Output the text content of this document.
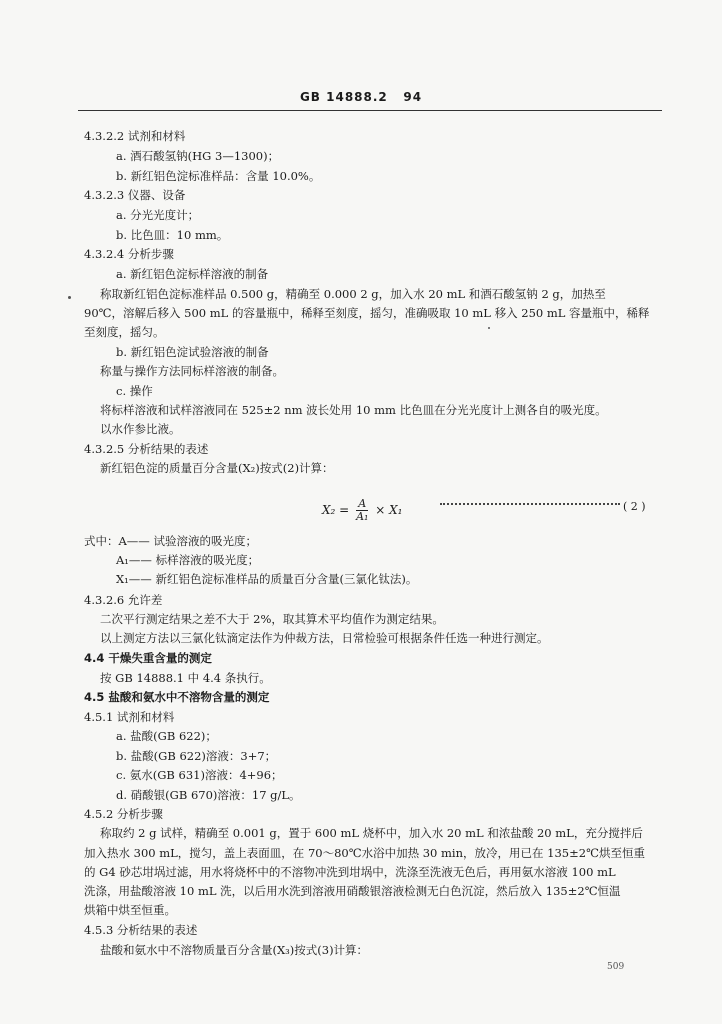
GB 14888.2 94
4.3.2.2 试剂和材料
a. 酒石酸氢钠(HG 3—1300)；
b. 新红铝色淀标准样品：含量 10.0%。
4.3.2.3 仪器、设备
a. 分光光度计；
b. 比色皿：10 mm。
4.3.2.4 分析步骤
a. 新红铝色淀标样溶液的制备
称取新红铝色淀标准样品 0.500 g，精确至 0.000 2 g，加入水 20 mL 和酒石酸氢钠 2 g，加热至
90℃，溶解后移入 500 mL 的容量瓶中，稀释至刻度，摇匀，准确吸取 10 mL 移入 250 mL 容量瓶中，稀释
至刻度，摇匀。
b. 新红铝色淀试验溶液的制备
称量与操作方法同标样溶液的制备。
c. 操作
将标样溶液和试样溶液同在 525±2 nm 波长处用 10 mm 比色皿在分光光度计上测各自的吸光度。
以水作参比液。
4.3.2.5 分析结果的表述
新红铝色淀的质量百分含量(X₂)按式(2)计算：
$X_2 = \frac{A}{\text{A₁}} \times X_1$	( 2 )
式中：A—— 试验溶液的吸光度；
A₁—— 标样溶液的吸光度；
X₁—— 新红铝色淀标准样品的质量百分含量(三氯化钛法)。
4.3.2.6 允许差
二次平行测定结果之差不大于 2%，取其算术平均值作为测定结果。
以上测定方法以三氯化钛滴定法作为仲裁方法，日常检验可根据条件任选一种进行测定。
4.4 干燥失重含量的测定
按 GB 14888.1 中 4.4 条执行。
4.5 盐酸和氨水中不溶物含量的测定
4.5.1 试剂和材料
a. 盐酸(GB 622)；
b. 盐酸(GB 622)溶液：3+7；
c. 氨水(GB 631)溶液：4+96；
d. 硝酸银(GB 670)溶液：17 g/L。
4.5.2 分析步骤
称取约 2 g 试样，精确至 0.001 g，置于 600 mL 烧杯中，加入水 20 mL 和浓盐酸 20 mL，充分搅拌后
加入热水 300 mL，搅匀，盖上表面皿，在 70～80℃水浴中加热 30 min，放冷，用已在 135±2℃烘至恒重
的 G4 砂芯坩埚过滤，用水将烧杯中的不溶物冲洗到坩埚中，洗涤至洗液无色后，再用氨水溶液 100 mL
洗涤，用盐酸溶液 10 mL 洗，以后用水洗到溶液用硝酸银溶液检测无白色沉淀，然后放入 135±2℃恒温
烘箱中烘至恒重。
4.5.3 分析结果的表述
盐酸和氨水中不溶物质量百分含量(X₃)按式(3)计算：
509
